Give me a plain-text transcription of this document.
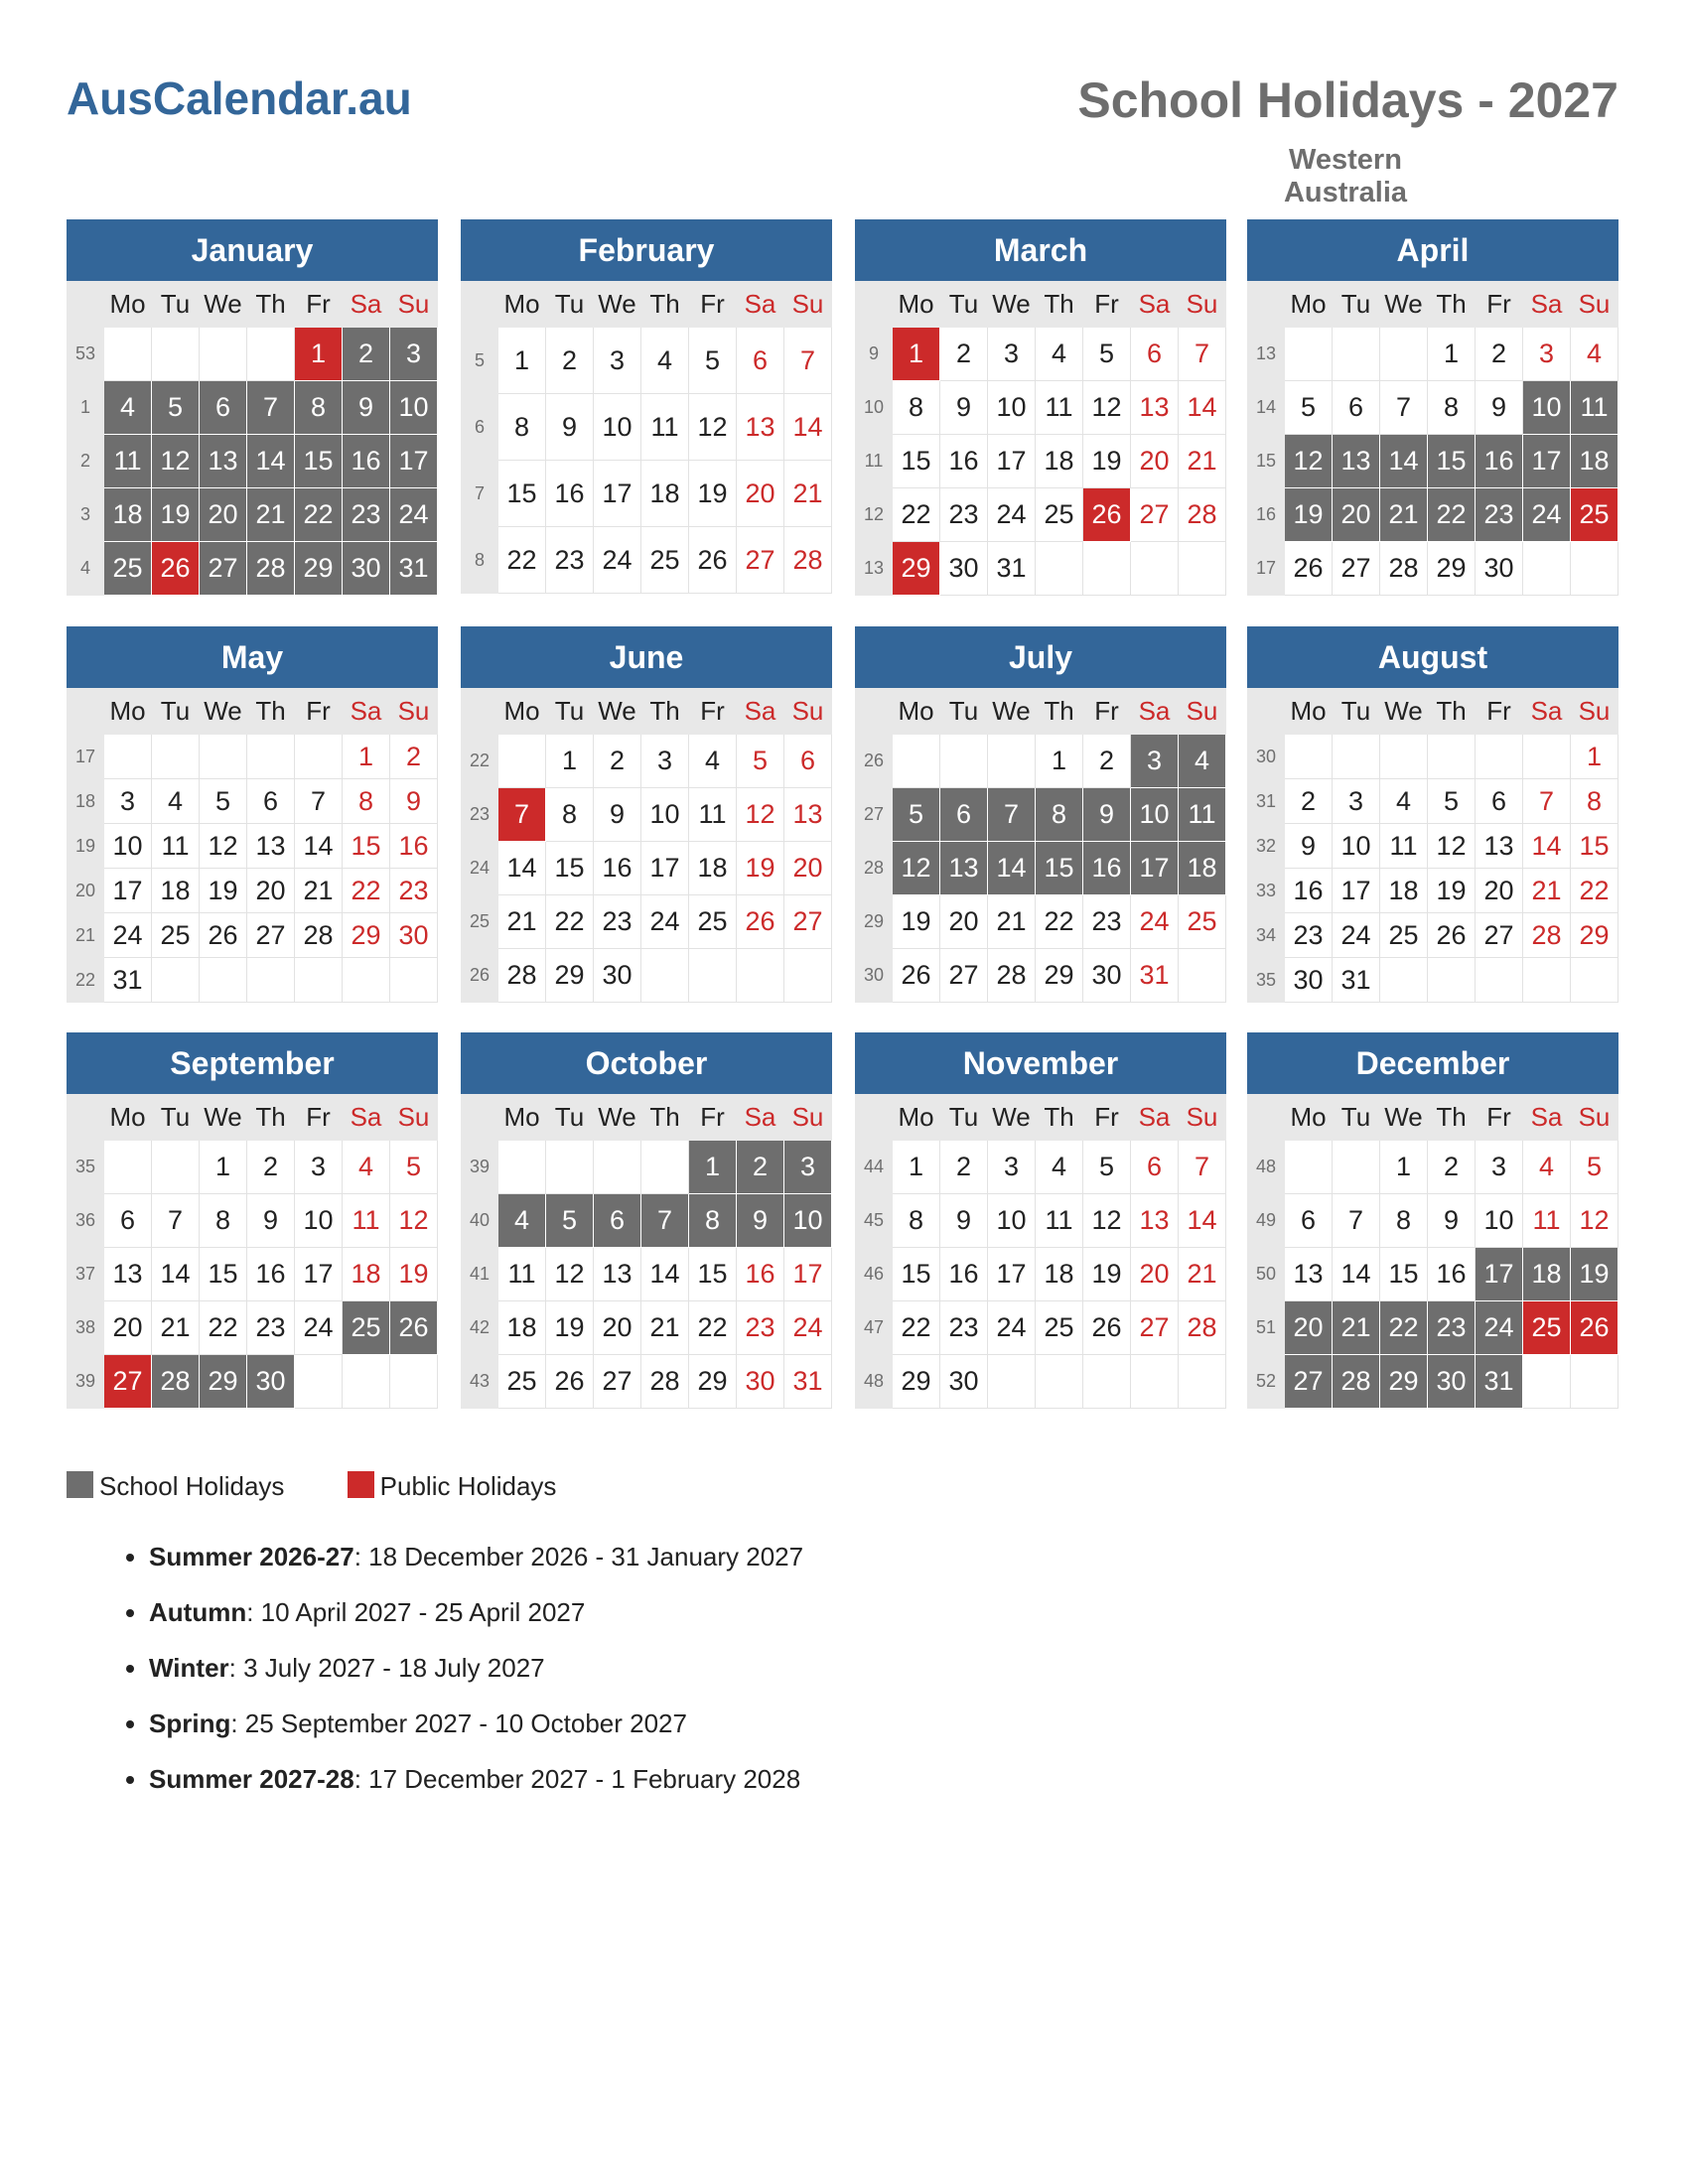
AusCalendar.au	School Holidays - 2027
Western Australia
January
	Mo	Tu	We	Th	Fr	Sa	Su
53					1	2	3
1	4	5	6	7	8	9	10
2	11	12	13	14	15	16	17
3	18	19	20	21	22	23	24
4	25	26	27	28	29	30	31
February
	Mo	Tu	We	Th	Fr	Sa	Su
5	1	2	3	4	5	6	7
6	8	9	10	11	12	13	14
7	15	16	17	18	19	20	21
8	22	23	24	25	26	27	28
March
	Mo	Tu	We	Th	Fr	Sa	Su
9	1	2	3	4	5	6	7
10	8	9	10	11	12	13	14
11	15	16	17	18	19	20	21
12	22	23	24	25	26	27	28
13	29	30	31				
April
	Mo	Tu	We	Th	Fr	Sa	Su
13				1	2	3	4
14	5	6	7	8	9	10	11
15	12	13	14	15	16	17	18
16	19	20	21	22	23	24	25
17	26	27	28	29	30		
May
	Mo	Tu	We	Th	Fr	Sa	Su
17						1	2
18	3	4	5	6	7	8	9
19	10	11	12	13	14	15	16
20	17	18	19	20	21	22	23
21	24	25	26	27	28	29	30
22	31						
June
	Mo	Tu	We	Th	Fr	Sa	Su
22		1	2	3	4	5	6
23	7	8	9	10	11	12	13
24	14	15	16	17	18	19	20
25	21	22	23	24	25	26	27
26	28	29	30				
July
	Mo	Tu	We	Th	Fr	Sa	Su
26				1	2	3	4
27	5	6	7	8	9	10	11
28	12	13	14	15	16	17	18
29	19	20	21	22	23	24	25
30	26	27	28	29	30	31	
August
	Mo	Tu	We	Th	Fr	Sa	Su
30							1
31	2	3	4	5	6	7	8
32	9	10	11	12	13	14	15
33	16	17	18	19	20	21	22
34	23	24	25	26	27	28	29
35	30	31					
September
	Mo	Tu	We	Th	Fr	Sa	Su
35			1	2	3	4	5
36	6	7	8	9	10	11	12
37	13	14	15	16	17	18	19
38	20	21	22	23	24	25	26
39	27	28	29	30			
October
	Mo	Tu	We	Th	Fr	Sa	Su
39					1	2	3
40	4	5	6	7	8	9	10
41	11	12	13	14	15	16	17
42	18	19	20	21	22	23	24
43	25	26	27	28	29	30	31
November
	Mo	Tu	We	Th	Fr	Sa	Su
44	1	2	3	4	5	6	7
45	8	9	10	11	12	13	14
46	15	16	17	18	19	20	21
47	22	23	24	25	26	27	28
48	29	30					
December
	Mo	Tu	We	Th	Fr	Sa	Su
48			1	2	3	4	5
49	6	7	8	9	10	11	12
50	13	14	15	16	17	18	19
51	20	21	22	23	24	25	26
52	27	28	29	30	31		
School Holidays	Public Holidays
• Summer 2026-27: 18 December 2026 - 31 January 2027
• Autumn: 10 April 2027 - 25 April 2027
• Winter: 3 July 2027 - 18 July 2027
• Spring: 25 September 2027 - 10 October 2027
• Summer 2027-28: 17 December 2027 - 1 February 2028
